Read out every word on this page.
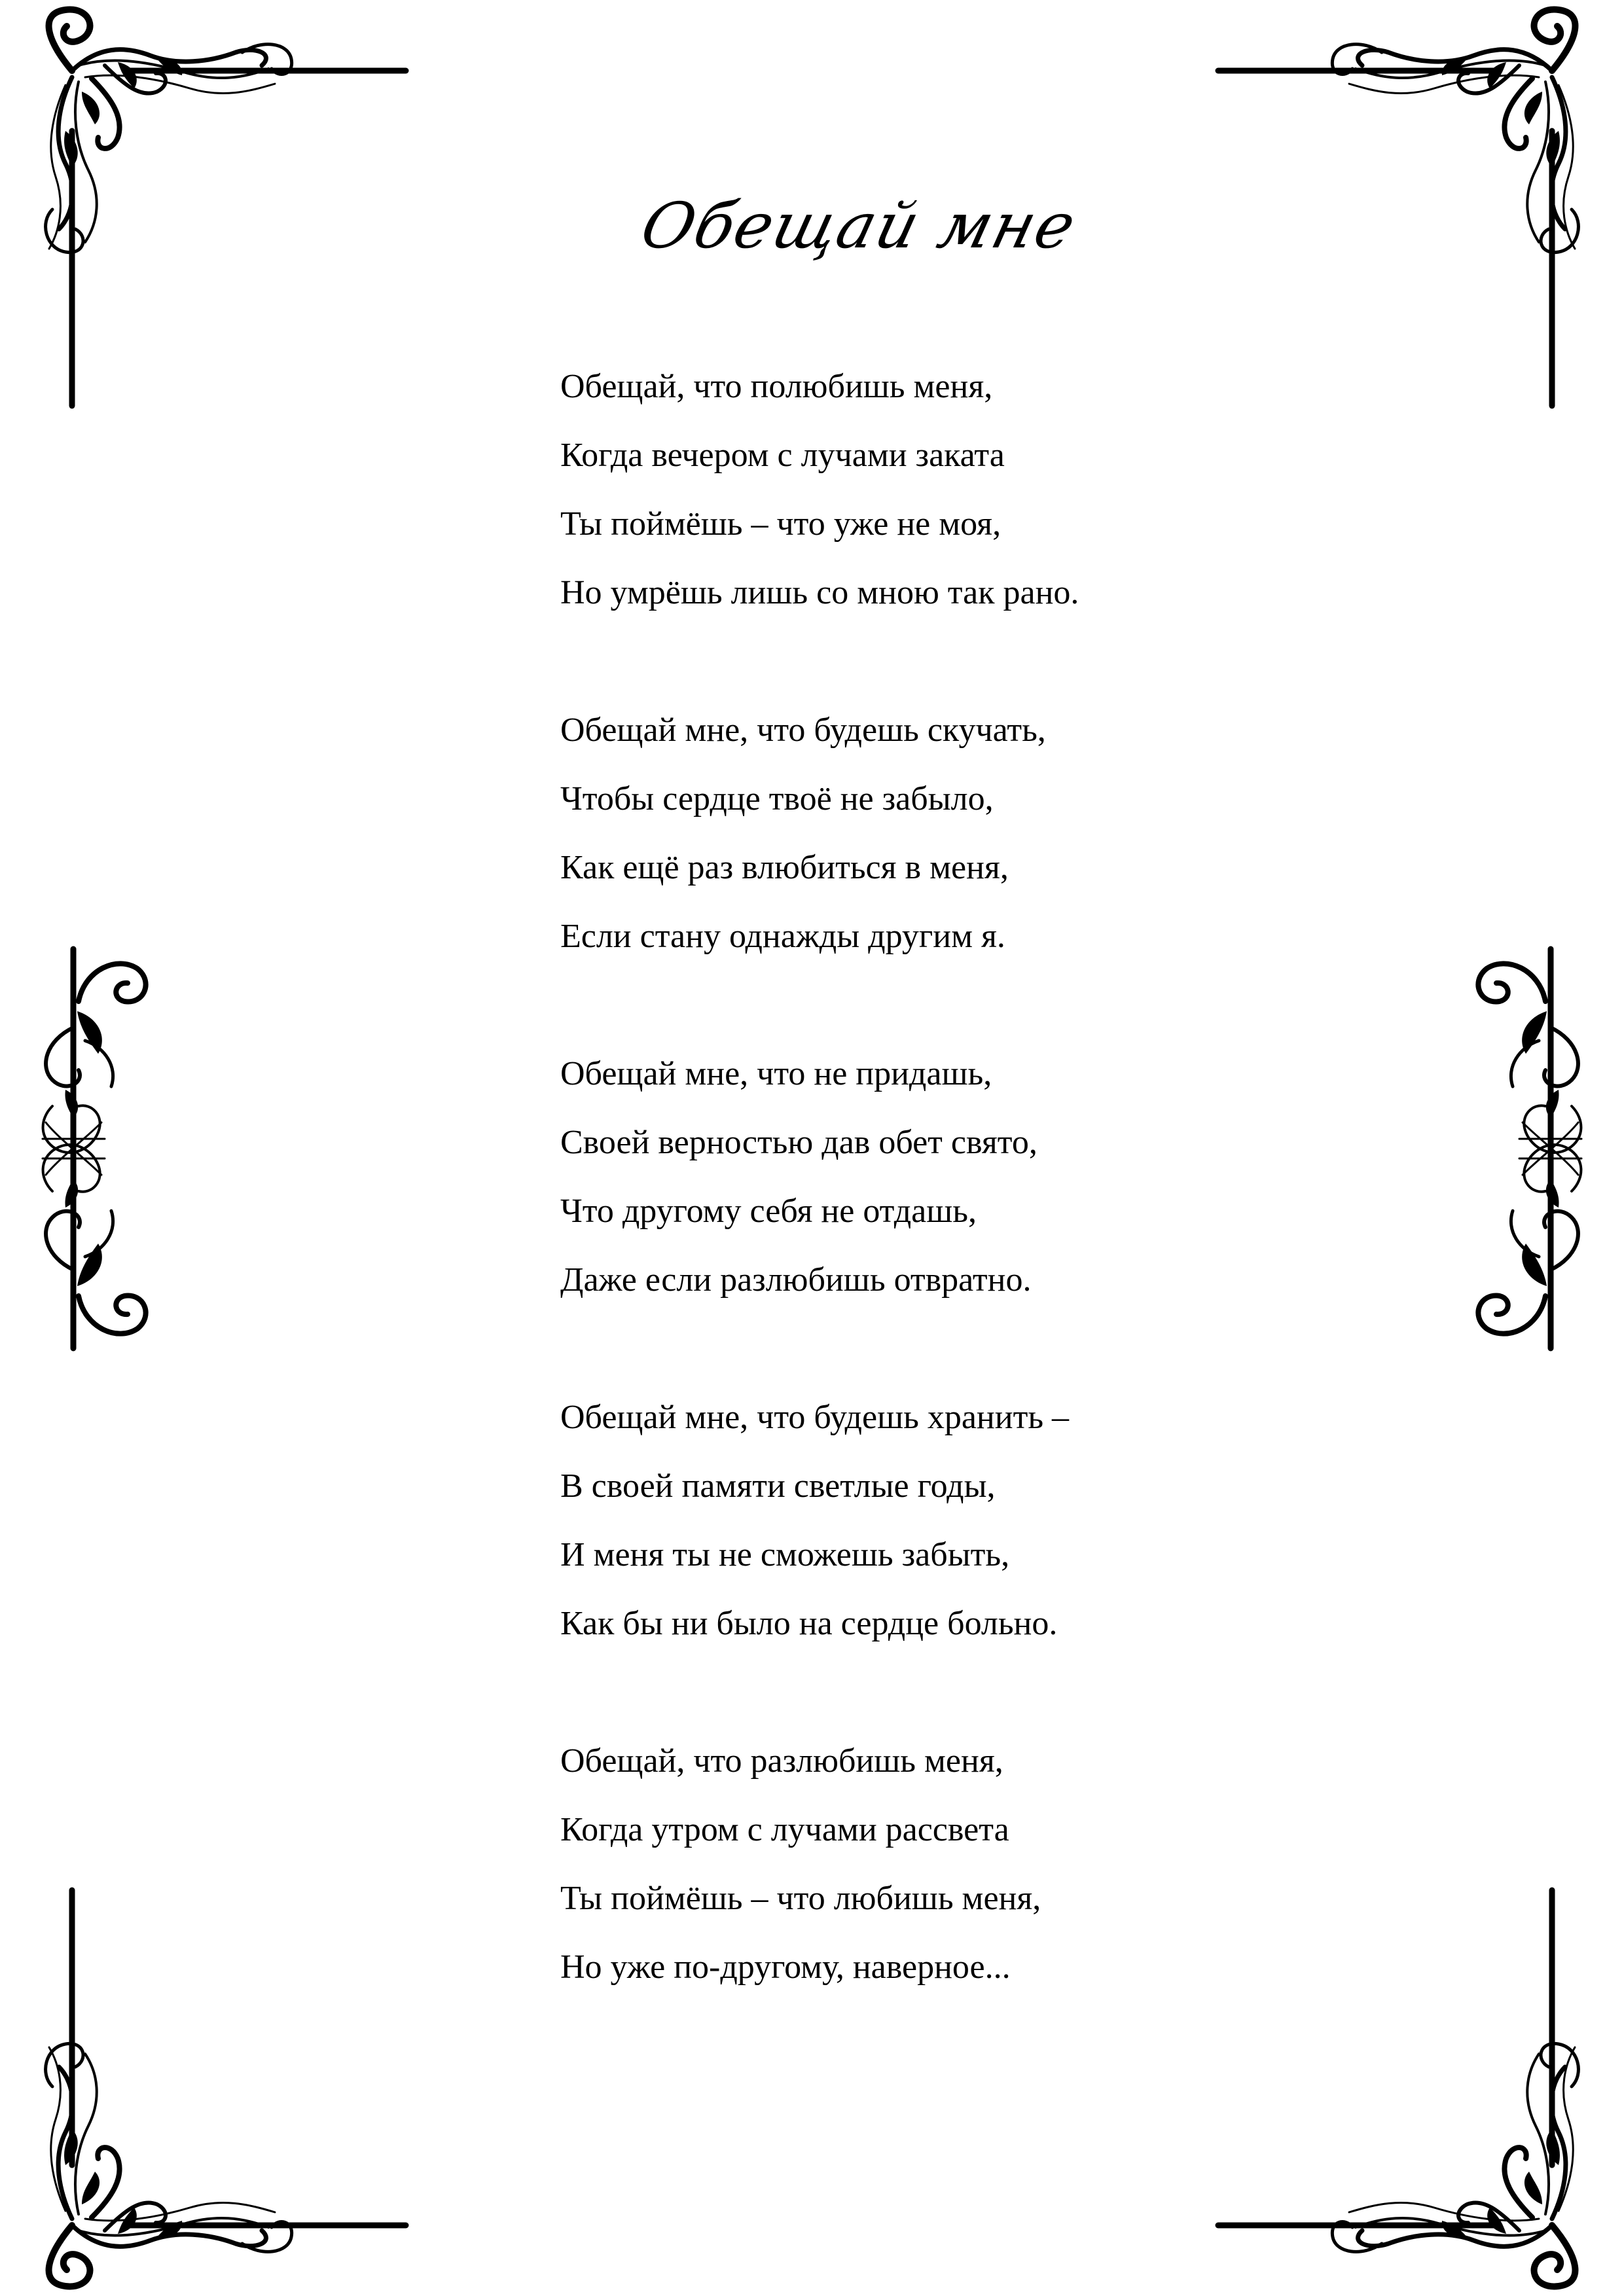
Обещай мне
Обещай, что полюбишь меня,
Когда вечером с лучами заката
Ты поймёшь – что уже не моя,
Но умрёшь лишь со мною так рано.
Обещай мне, что будешь скучать,
Чтобы сердце твоё не забыло,
Как ещё раз влюбиться в меня,
Если стану однажды другим я.
Обещай мне, что не придашь,
Своей верностью дав обет свято,
Что другому себя не отдашь,
Даже если разлюбишь отвратно.
Обещай мне, что будешь хранить –
В своей памяти светлые годы,
И меня ты не сможешь забыть,
Как бы ни было на сердце больно.
Обещай, что разлюбишь меня,
Когда утром с лучами рассвета
Ты поймёшь – что любишь меня,
Но уже по-другому, наверное...
